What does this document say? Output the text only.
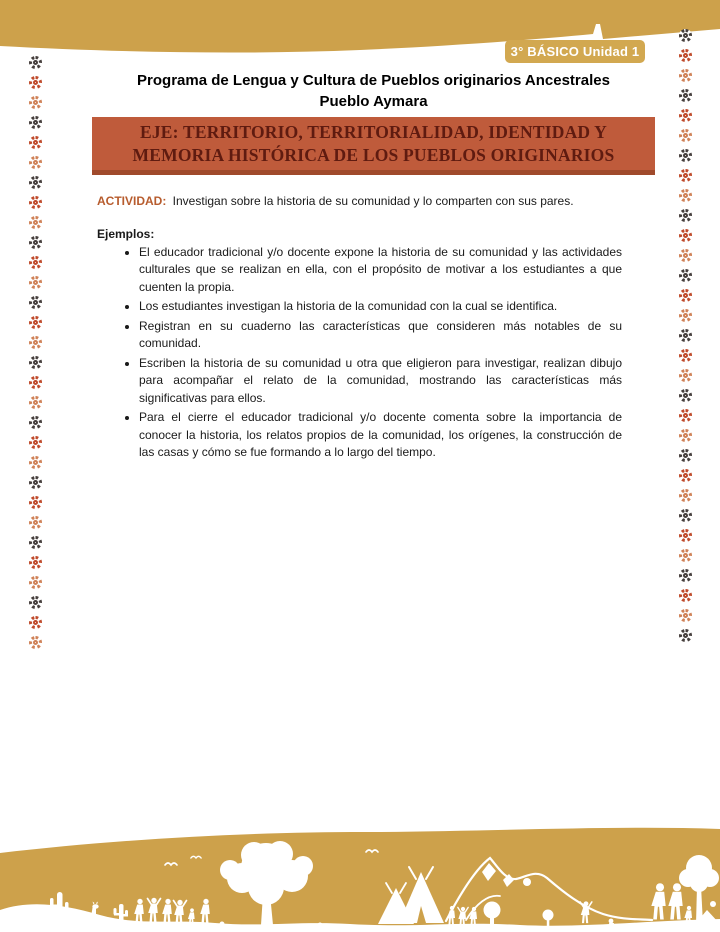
3° BÁSICO Unidad 1
Programa de Lengua y Cultura de Pueblos originarios Ancestrales
Pueblo Aymara
EJE: TERRITORIO, TERRITORIALIDAD, IDENTIDAD Y
MEMORIA HISTÓRICA DE LOS PUEBLOS ORIGINARIOS

ACTIVIDAD: Investigan sobre la historia de su comunidad y lo comparten con sus pares.

Ejemplos:

• El educador tradicional y/o docente expone la historia de su comunidad y las actividades culturales que se realizan en ella, con el propósito de motivar a los estudiantes a que cuenten la propia.
• Los estudiantes investigan la historia de la comunidad con la cual se identifica.
• Registran en su cuaderno las características que consideren más notables de su comunidad.
• Escriben la historia de su comunidad u otra que eligieron para investigar, realizan dibujo para acompañar el relato de la comunidad, mostrando las características más significativas para ellos.
• Para el cierre el educador tradicional y/o docente comenta sobre la importancia de conocer la historia, los relatos propios de la comunidad, los orígenes, la construcción de las casas y cómo se fue formando a lo largo del tiempo.
